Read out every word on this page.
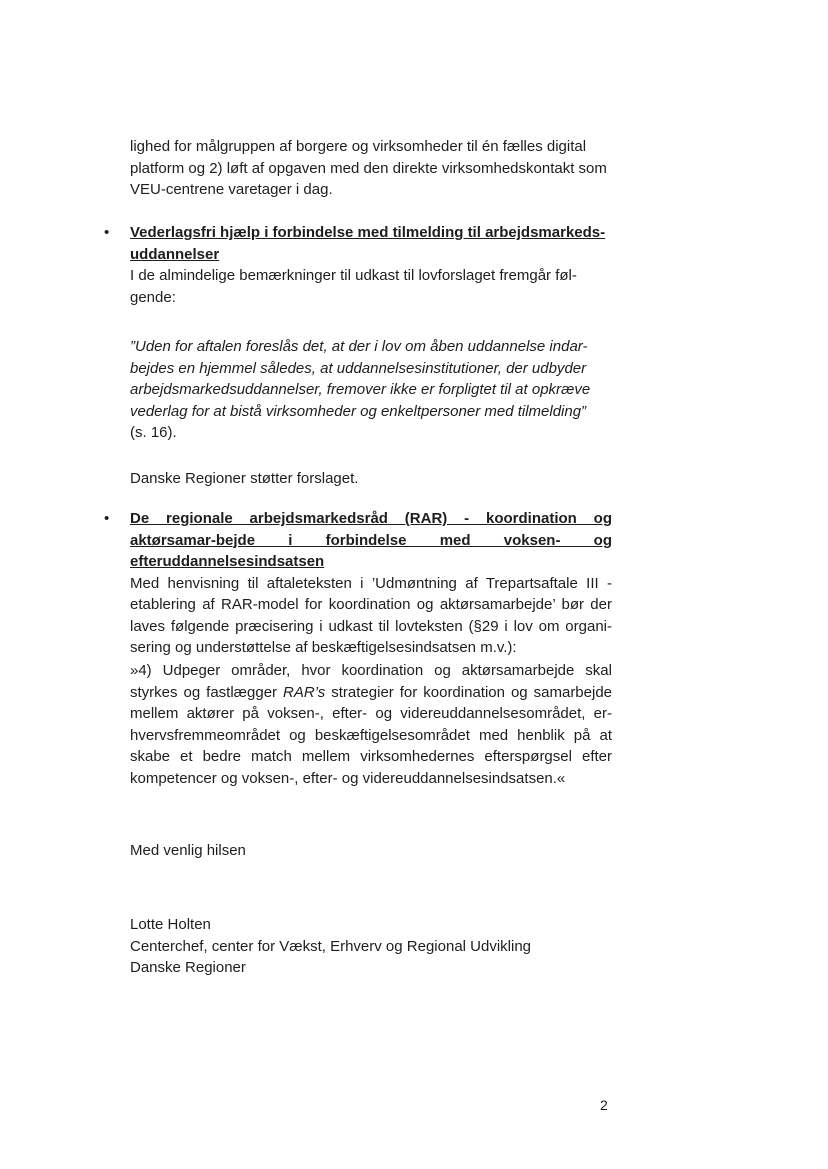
lighed for målgruppen af borgere og virksomheder til én fælles digital platform og 2) løft af opgaven med den direkte virksomhedskontakt som VEU-centrene varetager i dag.

• Vederlagsfri hjælp i forbindelse med tilmelding til arbejdsmarkeds-uddannelser

I de almindelige bemærkninger til udkast til lovforslaget fremgår føl-gende:

”Uden for aftalen foreslås det, at der i lov om åben uddannelse indar-bejdes en hjemmel således, at uddannelsesinstitutioner, der udbyder arbejdsmarkedsuddannelser, fremover ikke er forpligtet til at opkræve vederlag for at bistå virksomheder og enkeltpersoner med tilmelding”

(s. 16).

Danske Regioner støtter forslaget.

• De regionale arbejdsmarkedsråd (RAR) - koordination og aktørsamar-bejde i forbindelse med voksen- og efteruddannelsesindsatsen

Med henvisning til aftaleteksten i ’Udmøntning af Trepartsaftale III - etablering af RAR-model for koordination og aktørsamarbejde’ bør der laves følgende præcisering i udkast til lovteksten (§29 i lov om organi-sering og understøttelse af beskæftigelsesindsatsen m.v.):

»4) Udpeger områder, hvor koordination og aktørsamarbejde skal styrkes og fastlægger RAR’s strategier for koordination og samarbejde mellem aktører på voksen-, efter- og videreuddannelsesområdet, er-hvervsfremmeområdet og beskæftigelsesområdet med henblik på at skabe et bedre match mellem virksomhedernes efterspørgsel efter kompetencer og voksen-, efter- og videreuddannelsesindsatsen.«

Med venlig hilsen

Lotte Holten

Centerchef, center for Vækst, Erhverv og Regional Udvikling

Danske Regioner

2
